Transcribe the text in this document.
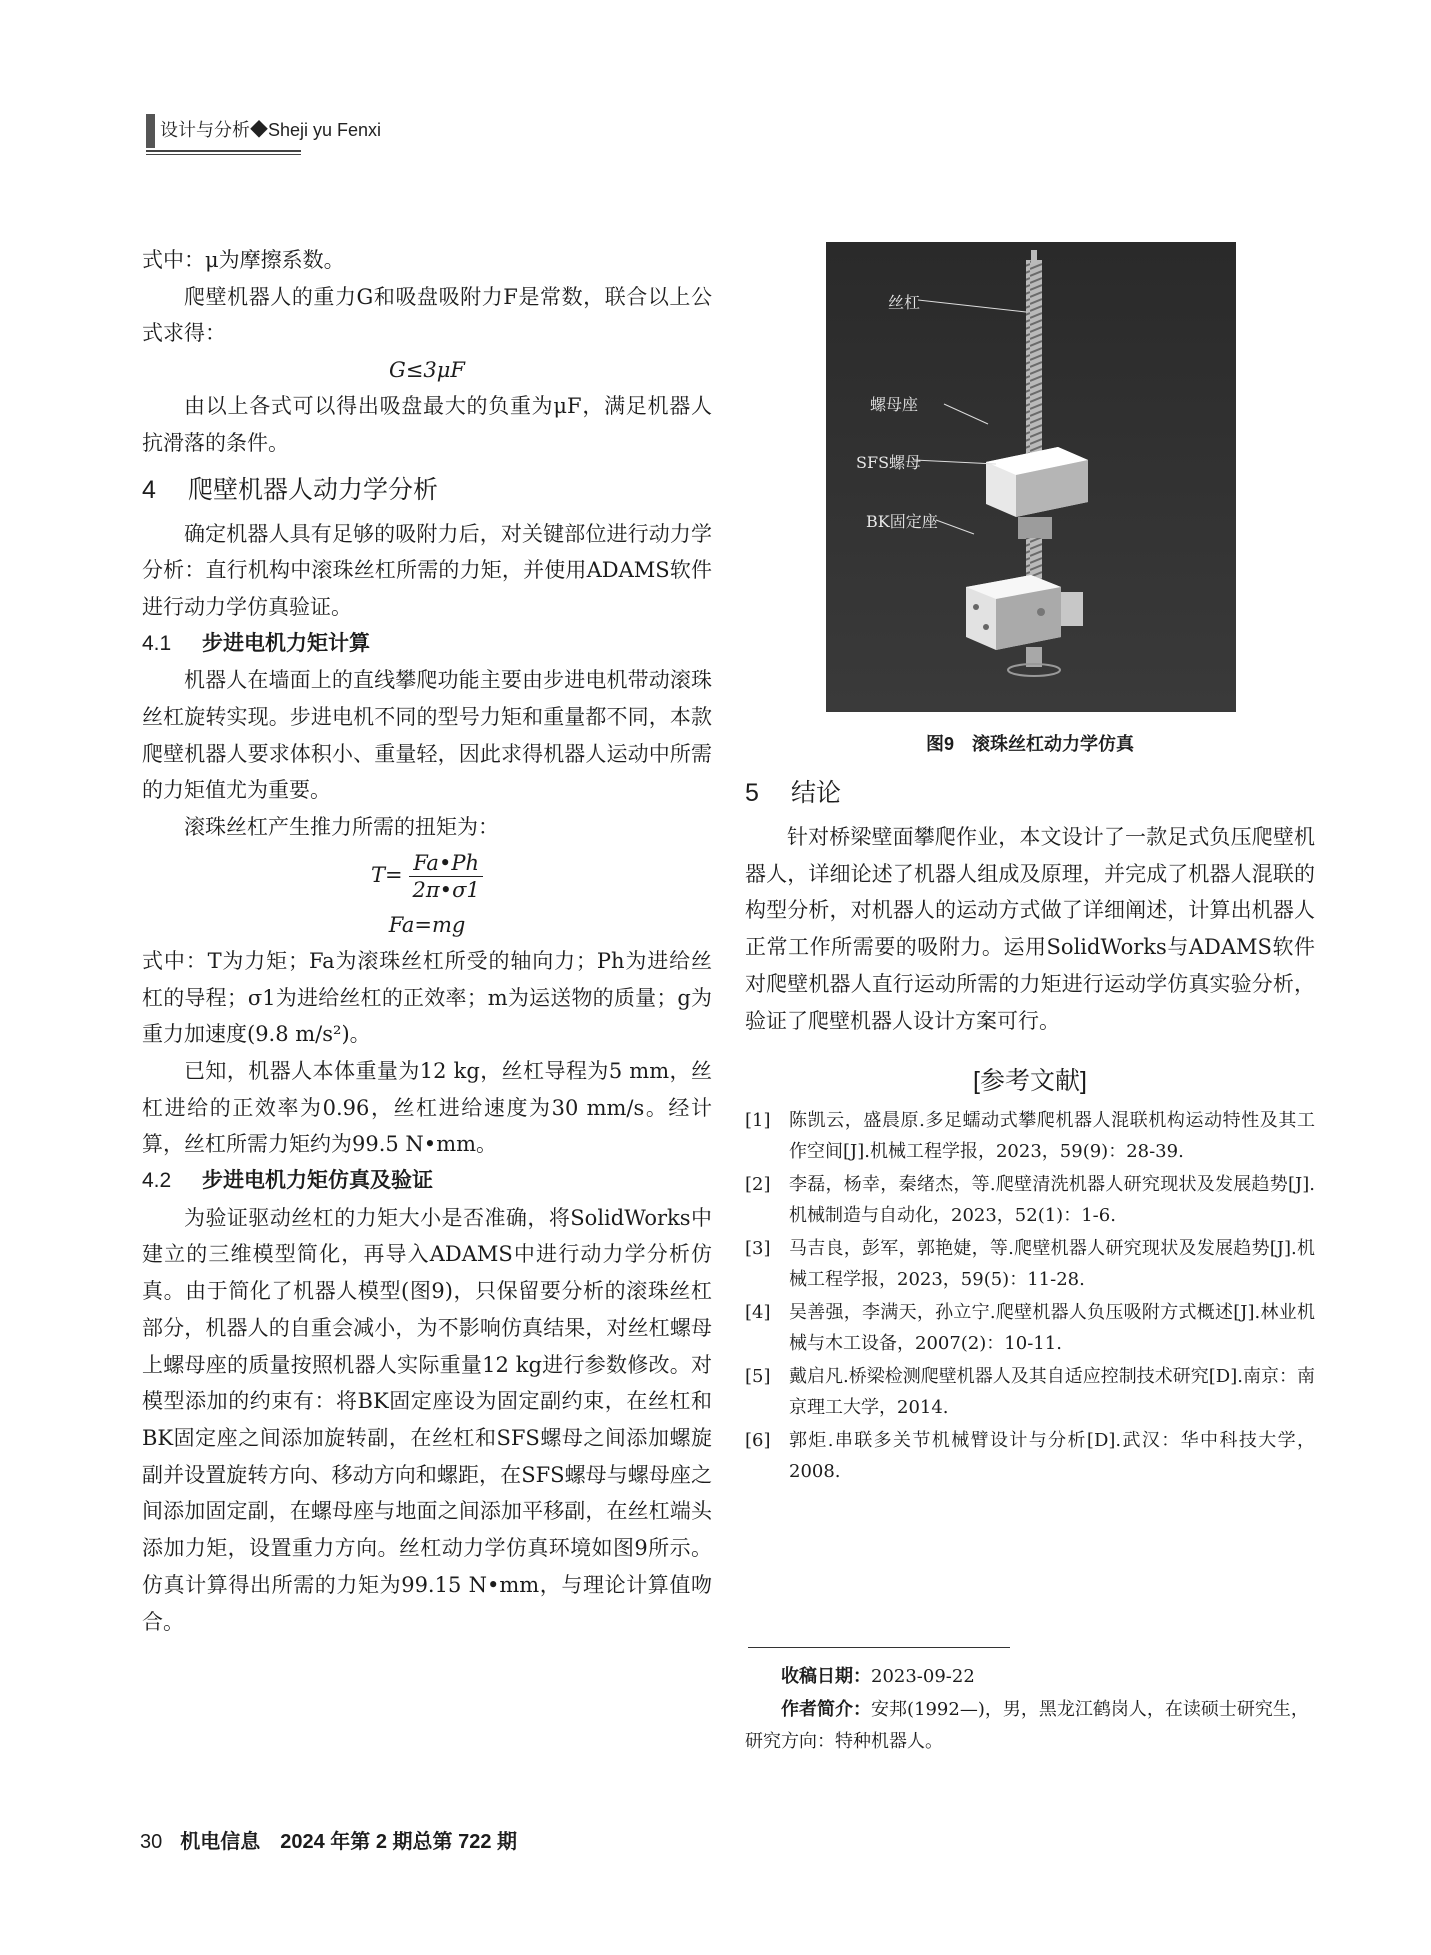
设计与分析◆Sheji yu Fenxi

式中：μ为摩擦系数。

爬壁机器人的重力G和吸盘吸附力F是常数，联合以上公式求得：

G≤3μF

由以上各式可以得出吸盘最大的负重为μF，满足机器人抗滑落的条件。

4 爬壁机器人动力学分析

确定机器人具有足够的吸附力后，对关键部位进行动力学分析：直行机构中滚珠丝杠所需的力矩，并使用ADAMS软件进行动力学仿真验证。

4.1 步进电机力矩计算

机器人在墙面上的直线攀爬功能主要由步进电机带动滚珠丝杠旋转实现。步进电机不同的型号力矩和重量都不同，本款爬壁机器人要求体积小、重量轻，因此求得机器人运动中所需的力矩值尤为重要。

滚珠丝杠产生推力所需的扭矩为：

$T= \frac{Fa•Ph}{2\pi•\sigma 1}$

Fa=mg

式中：T为力矩；Fa为滚珠丝杠所受的轴向力；Ph为进给丝杠的导程；σ1为进给丝杠的正效率；m为运送物的质量；g为重力加速度(9.8 m/s²)。

已知，机器人本体重量为12 kg，丝杠导程为5 mm，丝杠进给的正效率为0.96，丝杠进给速度为30 mm/s。经计算，丝杠所需力矩约为99.5 N•mm。

4.2 步进电机力矩仿真及验证

为验证驱动丝杠的力矩大小是否准确，将SolidWorks中建立的三维模型简化，再导入ADAMS中进行动力学分析仿真。由于简化了机器人模型(图9)，只保留要分析的滚珠丝杠部分，机器人的自重会减小，为不影响仿真结果，对丝杠螺母上螺母座的质量按照机器人实际重量12 kg进行参数修改。对模型添加的约束有：将BK固定座设为固定副约束，在丝杠和BK固定座之间添加旋转副，在丝杠和SFS螺母之间添加螺旋副并设置旋转方向、移动方向和螺距，在SFS螺母与螺母座之间添加固定副，在螺母座与地面之间添加平移副，在丝杠端头添加力矩，设置重力方向。丝杠动力学仿真环境如图9所示。仿真计算得出所需的力矩为99.15 N•mm，与理论计算值吻合。

丝杠
螺母座
SFS螺母
BK固定座
图9　滚珠丝杠动力学仿真
5 结论

针对桥梁壁面攀爬作业，本文设计了一款足式负压爬壁机器人，详细论述了机器人组成及原理，并完成了机器人混联的构型分析，对机器人的运动方式做了详细阐述，计算出机器人正常工作所需要的吸附力。运用SolidWorks与ADAMS软件对爬壁机器人直行运动所需的力矩进行运动学仿真实验分析，验证了爬壁机器人设计方案可行。

[参考文献]
[1]	陈凯云，盛晨原.多足蠕动式攀爬机器人混联机构运动特性及其工作空间[J].机械工程学报，2023，59(9)：28-39.
[2]	李磊，杨幸，秦绪杰，等.爬壁清洗机器人研究现状及发展趋势[J].机械制造与自动化，2023，52(1)：1-6.
[3]	马吉良，彭军，郭艳婕，等.爬壁机器人研究现状及发展趋势[J].机械工程学报，2023，59(5)：11-28.
[4]	吴善强，李满天，孙立宁.爬壁机器人负压吸附方式概述[J].林业机械与木工设备，2007(2)：10-11.
[5]	戴启凡.桥梁检测爬壁机器人及其自适应控制技术研究[D].南京：南京理工大学，2014.
[6]	郭炬.串联多关节机械臂设计与分析[D].武汉：华中科技大学，2008.
收稿日期：2023-09-22
作者简介：安邦(1992—)，男，黑龙江鹤岗人，在读硕士研究生，研究方向：特种机器人。
30 机电信息　2024 年第 2 期总第 722 期
